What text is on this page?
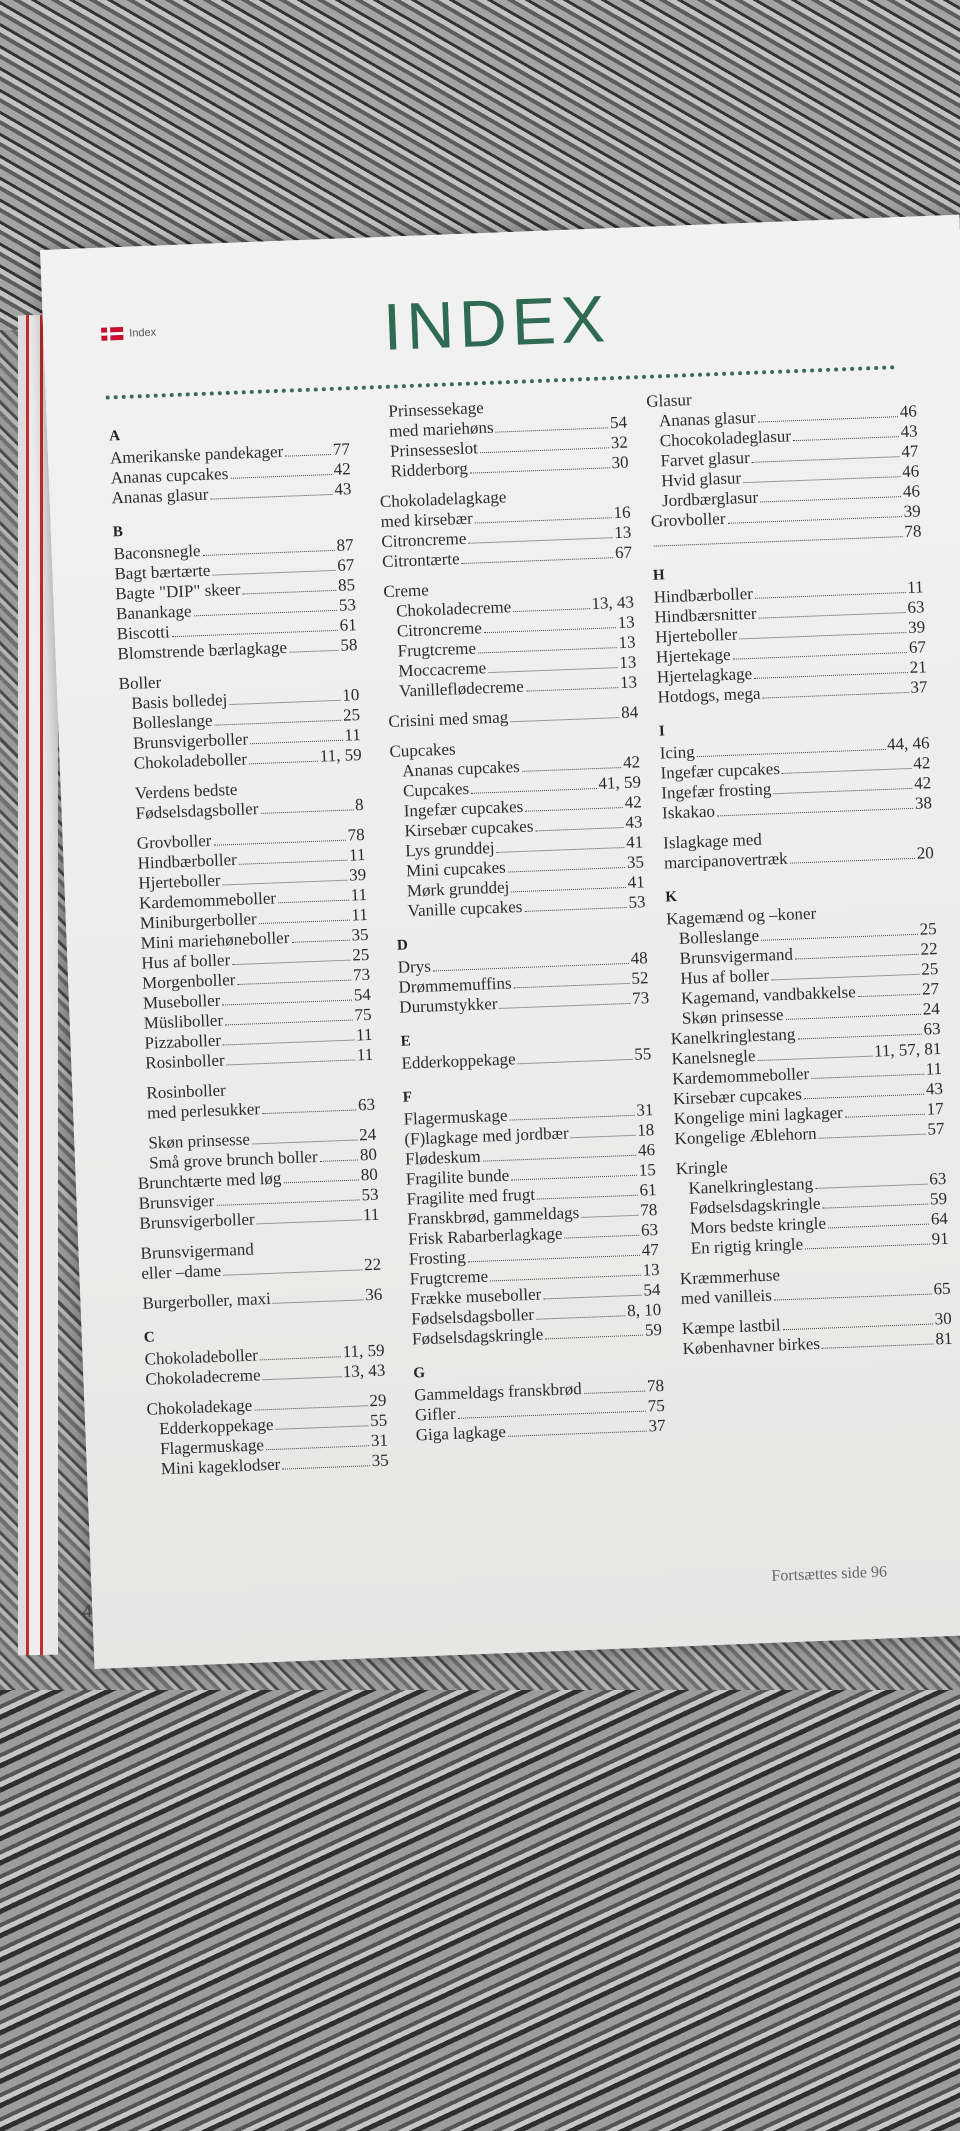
Index	INDEX
A
Amerikanske pandekager	77
Ananas cupcakes	42
Ananas glasur	43
B
Baconsnegle	87
Bagt bærtærte	67
Bagte "DIP" skeer	85
Banankage	53
Biscotti	61
Blomstrende bærlagkage	58
Boller
Basis bolledej	10
Bolleslange	25
Brunsvigerboller	11
Chokoladeboller	11, 59
Verdens bedste
Fødselsdagsboller	8
Grovboller	78
Hindbærboller	11
Hjerteboller	39
Kardemommeboller	11
Miniburgerboller	11
Mini mariehøneboller	35
Hus af boller	25
Morgenboller	73
Museboller	54
Müsliboller	75
Pizzaboller	11
Rosinboller	11
Rosinboller
med perlesukker	63
Skøn prinsesse	24
Små grove brunch boller 80
Brunchtærte med løg	80
Brunsviger	53
Brunsvigerboller	11
Brunsvigermand
eller –dame	22
Burgerboller, maxi	36
C
Chokoladeboller	11, 59
Chokoladecreme	13, 43
Chokoladekage	29
Edderkoppekage	55
Flagermuskage	31
Mini kageklodser	35
Prinsessekage
med mariehøns	54
Prinsesseslot	32
Ridderborg	30
Chokoladelagkage
med kirsebær	16
Citroncreme	13
Citrontærte	67
Creme
Chokoladecreme	13, 43
Citroncreme	13
Frugtcreme	13
Moccacreme	13
Vanilleflødecreme	13
Crisini med smag	84
Cupcakes
Ananas cupcakes	42
Cupcakes	41, 59
Ingefær cupcakes	42
Kirsebær cupcakes	43
Lys grunddej	41
Mini cupcakes	35
Mørk grunddej	41
Vanille cupcakes	53
D
Drys	48
Drømmemuffins	52
Durumstykker	73
E
Edderkoppekage	55
F
Flagermuskage	31
(F)lagkage med jordbær	18
Flødeskum	46
Fragilite bunde	15
Fragilite med frugt	61
Franskbrød, gammeldags	78
Frisk Rabarberlagkage	63
Frosting	47
Frugtcreme	13
Frække museboller	54
Fødselsdagsboller	8, 10
Fødselsdagskringle	59
G
Gammeldags franskbrød	78
Gifler	75
Giga lagkage	37
Glasur
Ananas glasur	46
Chocokoladeglasur	43
Farvet glasur	47
Hvid glasur	46
Jordbærglasur	46
Grovboller	39
78
H
Hindbærboller	11
Hindbærsnitter	63
Hjerteboller	39
Hjertekage	67
Hjertelagkage	21
Hotdogs, mega	37
I
Icing	44, 46
Ingefær cupcakes	42
Ingefær frosting	42
Iskakao	38
Islagkage med
marcipanovertræk	20
K
Kagemænd og –koner
Bolleslange	25
Brunsvigermand	22
Hus af boller	25
Kagemand, vandbakkelse	27
Skøn prinsesse	24
Kanelkringlestang	63
Kanelsnegle	11, 57, 81
Kardemommeboller	11
Kirsebær cupcakes	43
Kongelige mini lagkager	17
Kongelige Æblehorn	57
Kringle
Kanelkringlestang	63
Fødselsdagskringle	59
Mors bedste kringle	64
En rigtig kringle	91
Kræmmerhuse
med vanilleis	65
Kæmpe lastbil	30
Københavner birkes	81
Fortsættes side 96
4
